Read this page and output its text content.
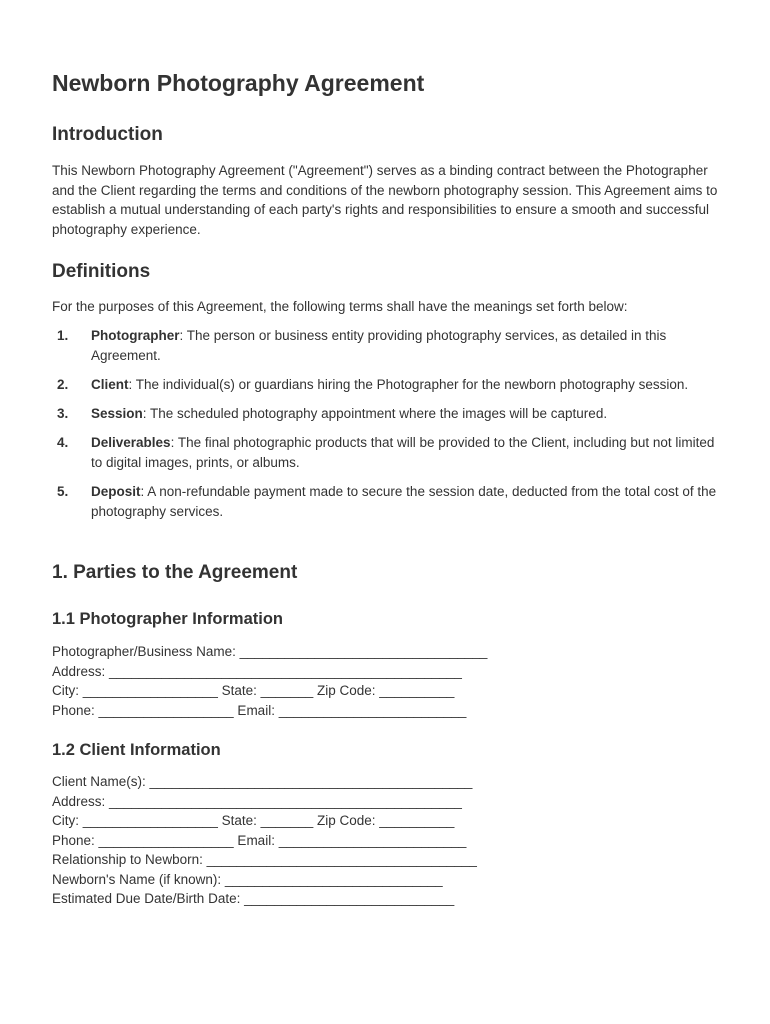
Newborn Photography Agreement
Introduction

This Newborn Photography Agreement ("Agreement") serves as a binding contract between the Photographer and the Client regarding the terms and conditions of the newborn photography session. This Agreement aims to establish a mutual understanding of each party's rights and responsibilities to ensure a smooth and successful photography experience.

Definitions

For the purposes of this Agreement, the following terms shall have the meanings set forth below:

1. Photographer: The person or business entity providing photography services, as detailed in this Agreement.
2. Client: The individual(s) or guardians hiring the Photographer for the newborn photography session.
3. Session: The scheduled photography appointment where the images will be captured.
4. Deliverables: The final photographic products that will be provided to the Client, including but not limited to digital images, prints, or albums.
5. Deposit: A non-refundable payment made to secure the session date, deducted from the total cost of the photography services.
1. Parties to the Agreement
1.1 Photographer Information
Photographer/Business Name: _________________________________
Address: _______________________________________________
City: __________________ State: _______ Zip Code: __________
Phone: __________________ Email: _________________________
1.2 Client Information
Client Name(s): ___________________________________________
Address: _______________________________________________
City: __________________ State: _______ Zip Code: __________
Phone: __________________ Email: _________________________
Relationship to Newborn: ____________________________________
Newborn's Name (if known): _____________________________
Estimated Due Date/Birth Date: ____________________________
